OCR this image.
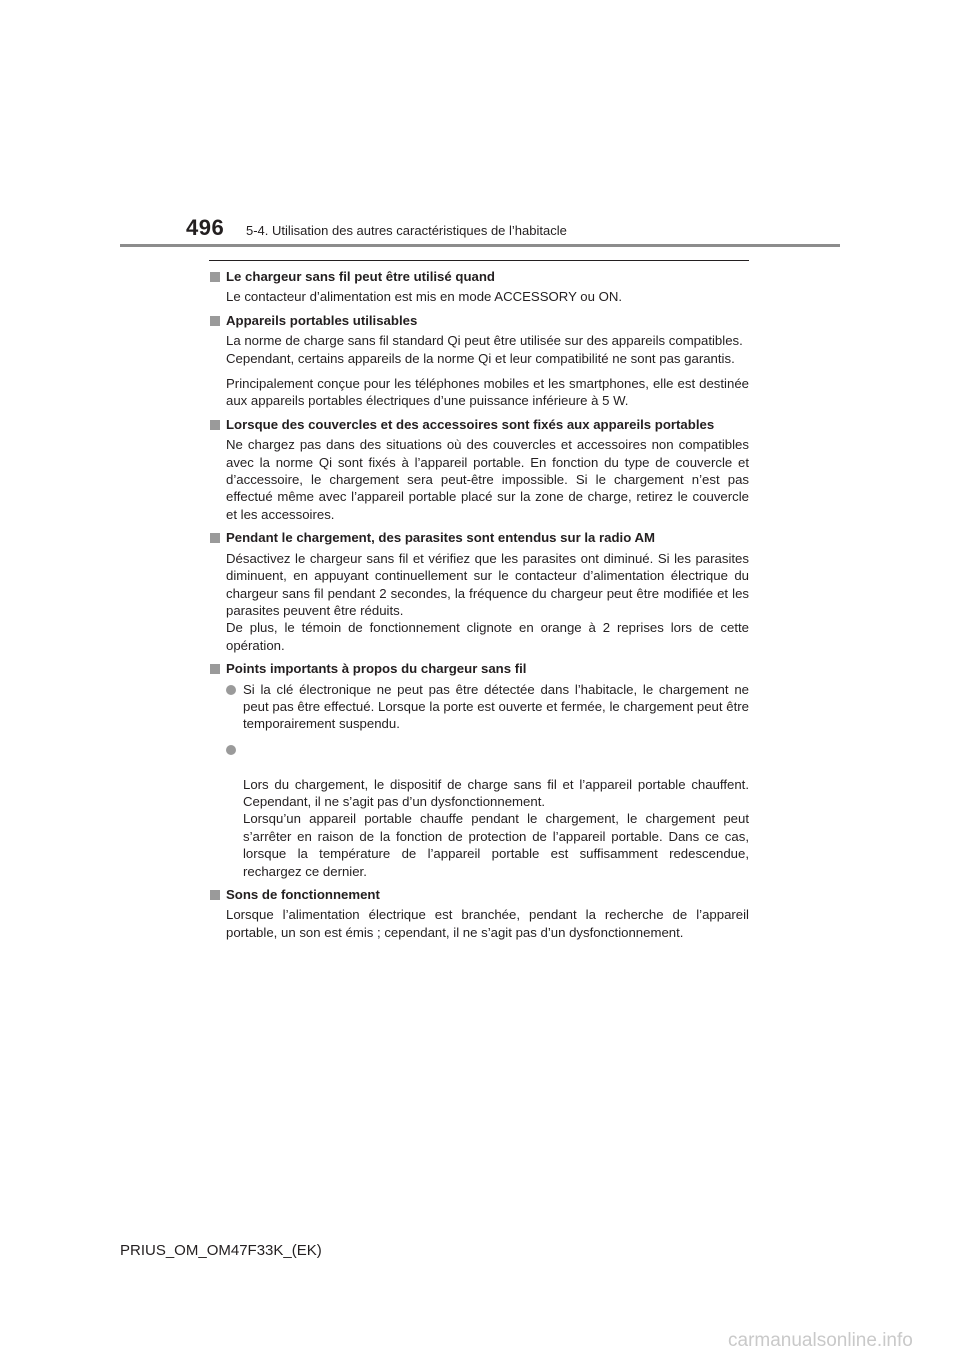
496 5-4. Utilisation des autres caractéristiques de l’habitacle
Le chargeur sans fil peut être utilisé quand
Le contacteur d’alimentation est mis en mode ACCESSORY ou ON.
Appareils portables utilisables
La norme de charge sans fil standard Qi peut être utilisée sur des appareils compatibles.
Cependant, certains appareils de la norme Qi et leur compatibilité ne sont pas garantis.
Principalement conçue pour les téléphones mobiles et les smartphones, elle est destinée aux appareils portables électriques d’une puissance inférieure à 5 W.
Lorsque des couvercles et des accessoires sont fixés aux appareils portables
Ne chargez pas dans des situations où des couvercles et accessoires non compatibles avec la norme Qi sont fixés à l’appareil portable. En fonction du type de couvercle et d’accessoire, le chargement sera peut-être impossible. Si le chargement n’est pas effectué même avec l’appareil portable placé sur la zone de charge, retirez le couvercle et les accessoires.
Pendant le chargement, des parasites sont entendus sur la radio AM
Désactivez le chargeur sans fil et vérifiez que les parasites ont diminué. Si les parasites diminuent, en appuyant continuellement sur le contacteur d’alimentation électrique du chargeur sans fil pendant 2 secondes, la fréquence du chargeur peut être modifiée et les parasites peuvent être réduits.
De plus, le témoin de fonctionnement clignote en orange à 2 reprises lors de cette opération.
Points importants à propos du chargeur sans fil
Si la clé électronique ne peut pas être détectée dans l’habitacle, le chargement ne peut pas être effectué. Lorsque la porte est ouverte et fermée, le chargement peut être temporairement suspendu.

Lors du chargement, le dispositif de charge sans fil et l’appareil portable chauffent. Cependant, il ne s’agit pas d’un dysfonctionnement.
Lorsqu’un appareil portable chauffe pendant le chargement, le chargement peut s’arrêter en raison de la fonction de protection de l’appareil portable. Dans ce cas, lorsque la température de l’appareil portable est suffisamment redescendue, rechargez ce dernier.

Sons de fonctionnement
Lorsque l’alimentation électrique est branchée, pendant la recherche de l’appareil portable, un son est émis ; cependant, il ne s’agit pas d’un dysfonctionnement.
PRIUS_OM_OM47F33K_(EK)
carmanualsonline.info
